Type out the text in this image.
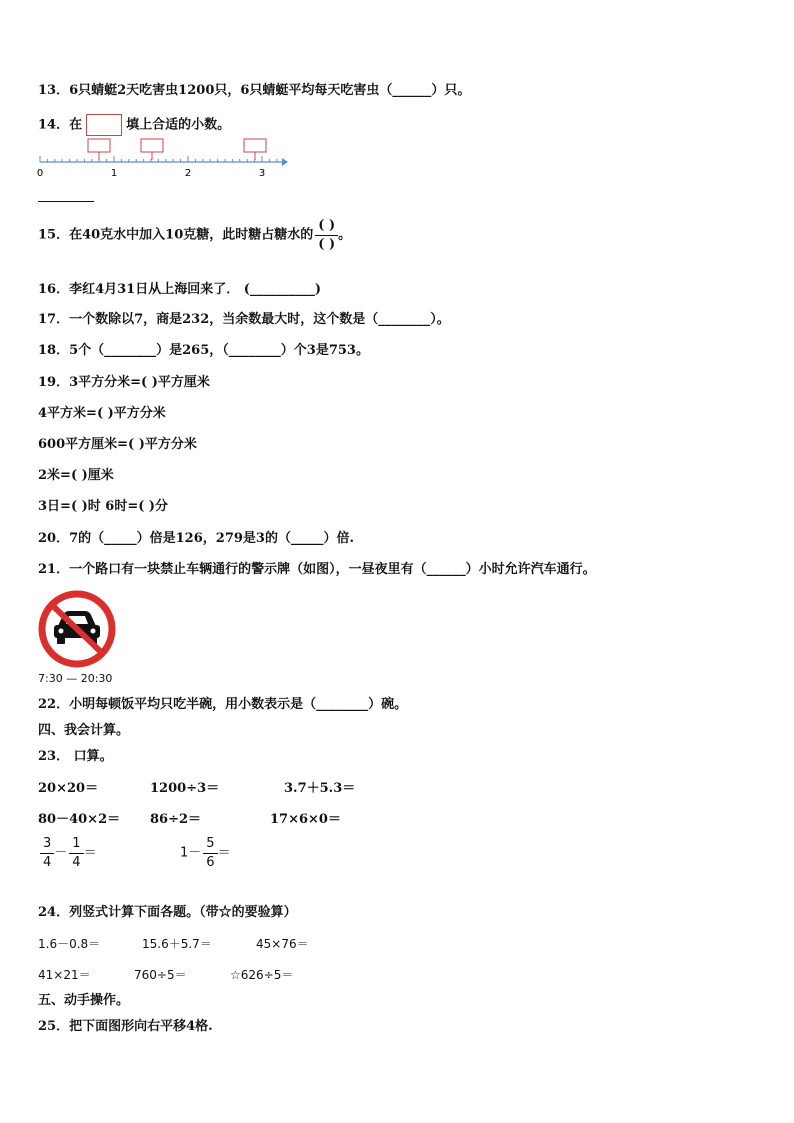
13．6只蜻蜓2天吃害虫1200只，6只蜻蜓平均每天吃害虫（______）只。
14．在	填上合适的小数。
0	1	2	3
15．在40克水中加入10克糖，此时糖占糖水的 $\frac{( )}{( )}$ 。
16．李红4月31日从上海回来了． (__________)
17．一个数除以7，商是232，当余数最大时，这个数是（________）。
18．5个（________）是265，（________）个3是753。
19．3平方分米=( )平方厘米
4平方米=( )平方分米
600平方厘米=( )平方分米
2米=( )厘米
3日=( )时 6时=( )分
20．7的（_____）倍是126，279是3的（_____）倍.
21．一个路口有一块禁止车辆通行的警示牌（如图），一昼夜里有（______）小时允许汽车通行。
7:30 — 20:30
22．小明每顿饭平均只吃半碗，用小数表示是（________）碗。
四、我会计算。
23． 口算。
20×20＝	1200÷3＝	3.7＋5.3＝
80－40×2＝ 86÷2＝	17×6×0＝
$\frac{3}{4} - \frac{1}{4}$ ＝	$1- \frac{5}{6}$ ＝
24．列竖式计算下面各题。（带☆的要验算）
1.6－0.8＝	15.6＋5.7＝	45×76＝
41×21＝	760÷5＝	☆626÷5＝
五、动手操作。
25．把下面图形向右平移4格.
